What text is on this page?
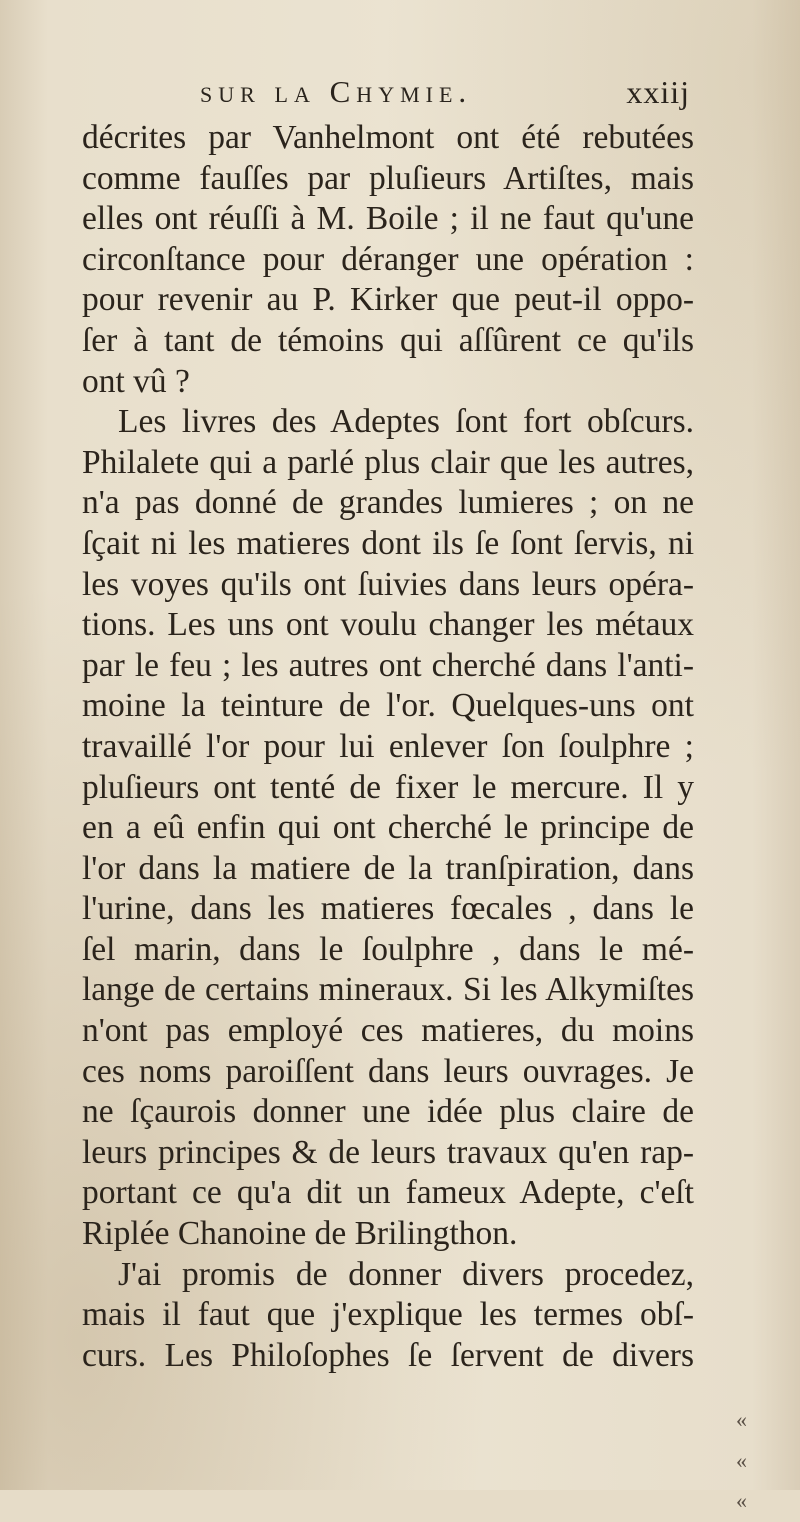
sur la Chymie.	xxiij
décrites par Vanhelmont ont été rebutées
comme fauſſes par pluſieurs Artiſtes, mais
elles ont réuſſi à M. Boile ; il ne faut qu'une
circonſtance pour déranger une opération :
pour revenir au P. Kirker que peut-il oppo-
ſer à tant de témoins qui aſſûrent ce qu'ils
ont vû ?
Les livres des Adeptes ſont fort obſcurs.
Philalete qui a parlé plus clair que les autres,
n'a pas donné de grandes lumieres ; on ne
ſçait ni les matieres dont ils ſe ſont ſervis, ni
les voyes qu'ils ont ſuivies dans leurs opéra-
tions. Les uns ont voulu changer les métaux
par le feu ; les autres ont cherché dans l'anti-
moine la teinture de l'or. Quelques-uns ont
travaillé l'or pour lui enlever ſon ſoulphre ;
pluſieurs ont tenté de fixer le mercure. Il y
en a eû enfin qui ont cherché le principe de
l'or dans la matiere de la tranſpiration, dans
l'urine, dans les matieres fœcales , dans le
ſel marin, dans le ſoulphre , dans le mé-
lange de certains mineraux. Si les Alkymiſtes
n'ont pas employé ces matieres, du moins
ces noms paroiſſent dans leurs ouvrages. Je
ne ſçaurois donner une idée plus claire de
leurs principes & de leurs travaux qu'en rap-
portant ce qu'a dit un fameux Adepte, c'eſt
Riplée Chanoine de Brilingthon.
J'ai promis de donner divers procedez,
mais il faut que j'explique les termes obſ-
curs. Les Philoſophes ſe ſervent de divers
«
«
«
